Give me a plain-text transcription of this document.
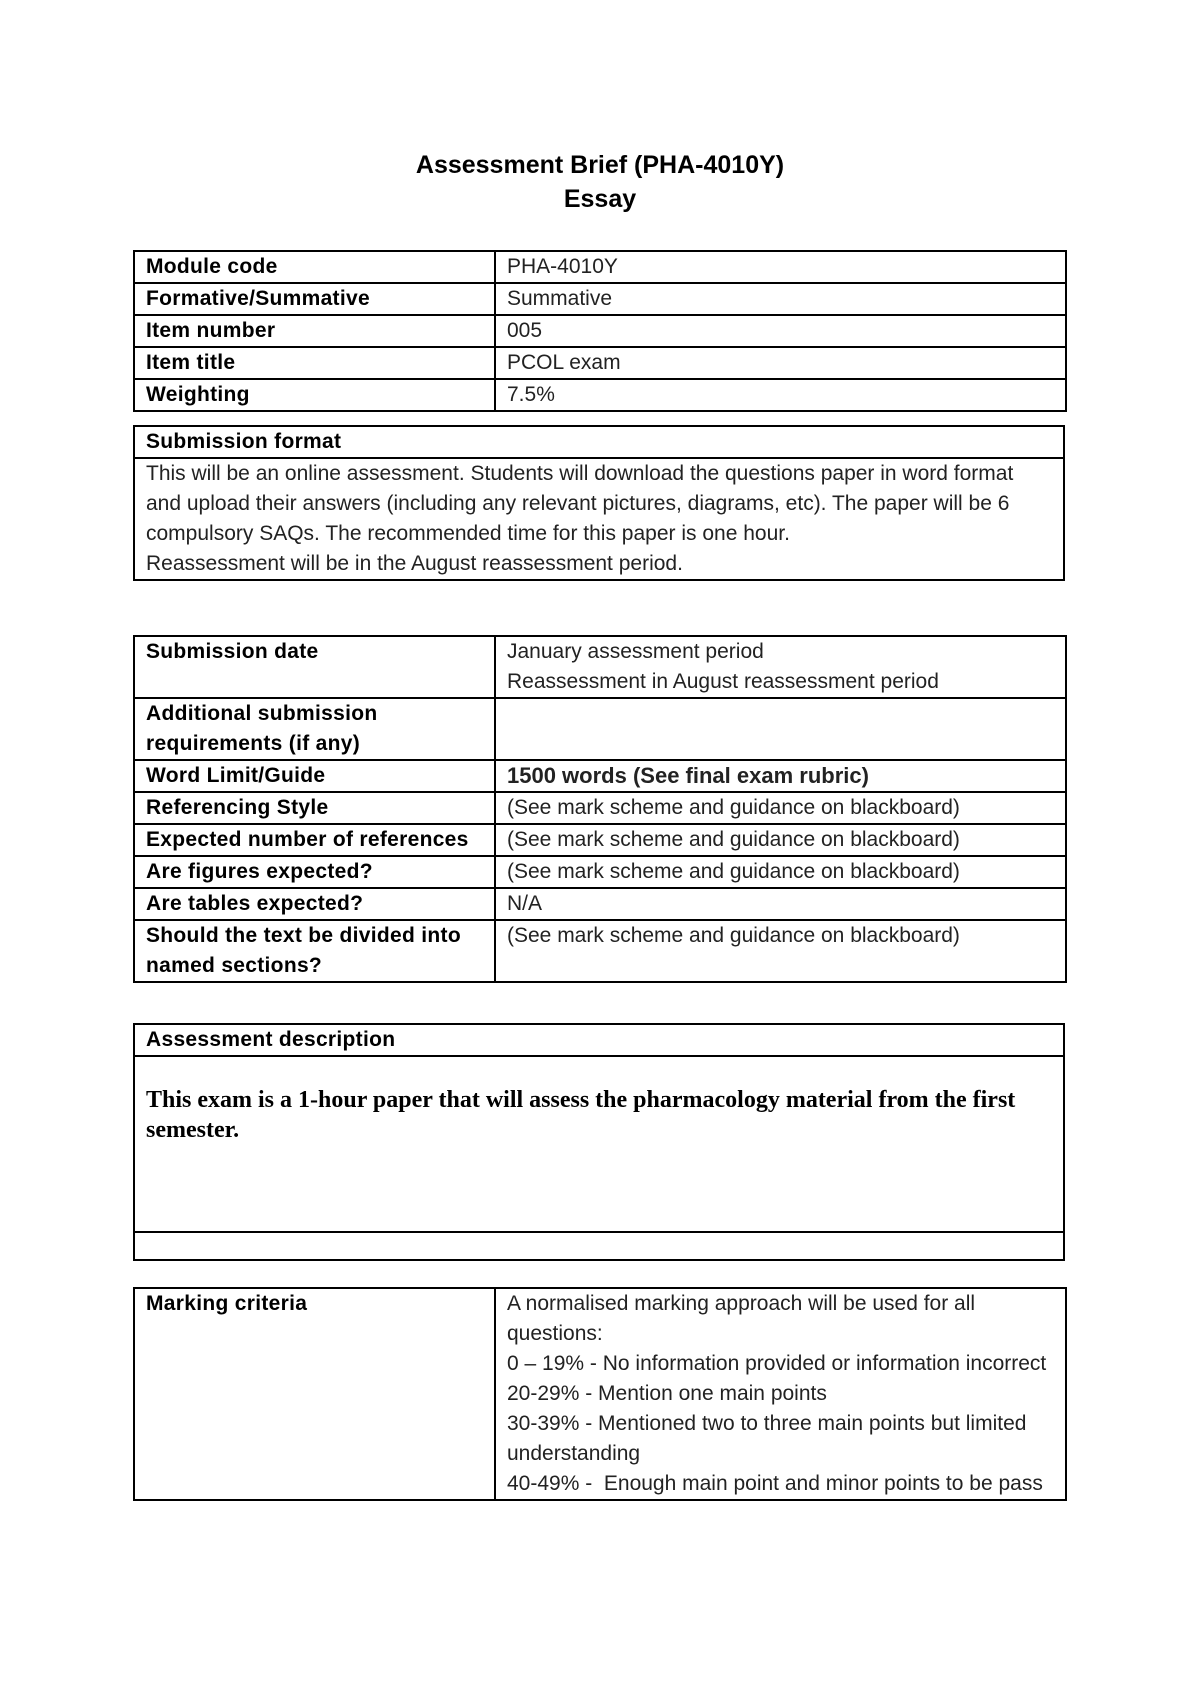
Assessment Brief (PHA-4010Y)
Essay
Module code	PHA-4010Y
Formative/Summative	Summative
Item number	005
Item title	PCOL exam
Weighting	7.5%
Submission format

This will be an online assessment. Students will download the questions paper in word format and upload their answers (including any relevant pictures, diagrams, etc). The paper will be 6 compulsory SAQs. The recommended time for this paper is one hour.
Reassessment will be in the August reassessment period.
Submission date	January assessment period
Reassessment in August reassessment period

Additional submission requirements (if any)	
Word Limit/Guide	1500 words (See final exam rubric)
Referencing Style	(See mark scheme and guidance on blackboard)
Expected number of references	(See mark scheme and guidance on blackboard)
Are figures expected?	(See mark scheme and guidance on blackboard)
Are tables expected?	N/A
Should the text be divided into named sections?	(See mark scheme and guidance on blackboard)
Assessment description
This exam is a 1-hour paper that will assess the pharmacology material from the first semester.

Marking criteria	A normalised marking approach will be used for all questions:
0 – 19% - No information provided or information incorrect
20-29% - Mention one main points
30-39% - Mentioned two to three main points but limited understanding
40-49% -  Enough main point and minor points to be pass
